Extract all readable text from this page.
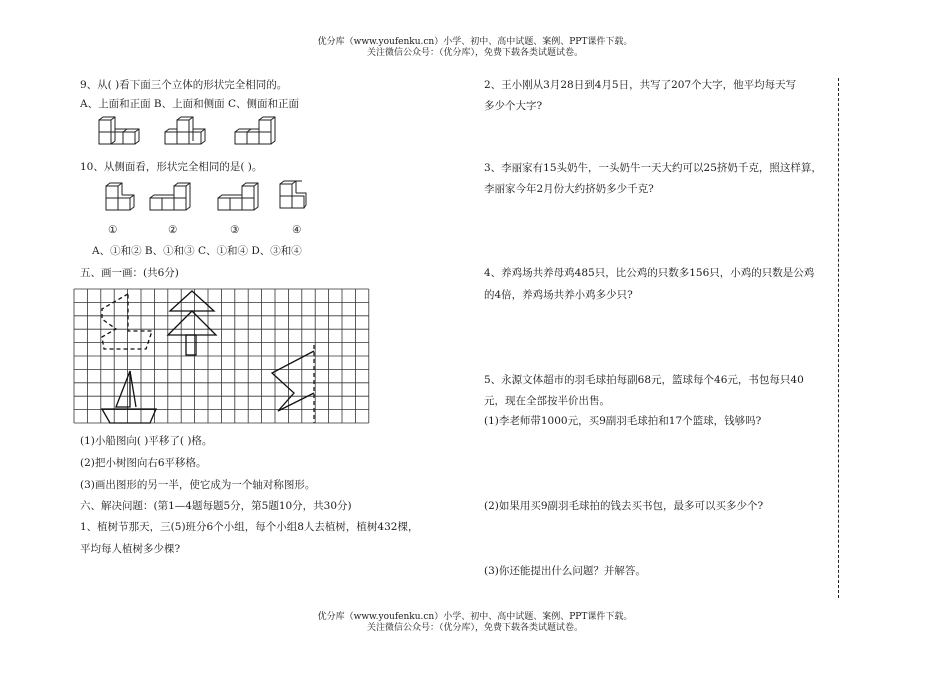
优分库（www.youfenku.cn）小学、初中、高中试题、案例、PPT课件下载。
关注微信公众号：（优分库），免费下载各类试题试卷。
9、从( )看下面三个立体的形状完全相同的。
A、上面和正面 B、上面和侧面 C、侧面和正面
10、从侧面看，形状完全相同的是( )。
①	②	③	④
A、①和② B、①和③ C、①和④ D、③和④
五、画一画：(共6分)
(1)小船图向( )平移了( )格。
(2)把小树图向右6平移格。
(3)画出图形的另一半，使它成为一个轴对称图形。
六、解决问题：(第1—4题每题5分，第5题10分，共30分)
1、植树节那天，三(5)班分6个小组，每个小组8人去植树，植树432棵，
平均每人植树多少棵?
2、王小刚从3月28日到4月5日，共写了207个大字，他平均每天写
多少个大字?
3、李丽家有15头奶牛，一头奶牛一天大约可以25挤奶千克，照这样算，
李丽家今年2月份大约挤奶多少千克?
4、养鸡场共养母鸡485只，比公鸡的只数多156只，小鸡的只数是公鸡
的4倍，养鸡场共养小鸡多少只?
5、永源文体超市的羽毛球拍每副68元，篮球每个46元，书包每只40
元，现在全部按半价出售。
(1)李老师带1000元，买9副羽毛球拍和17个篮球，钱够吗?
(2)如果用买9副羽毛球拍的钱去买书包，最多可以买多少个?
(3)你还能提出什么问题？并解答。
优分库（www.youfenku.cn）小学、初中、高中试题、案例、PPT课件下载。
关注微信公众号：（优分库），免费下载各类试题试卷。
